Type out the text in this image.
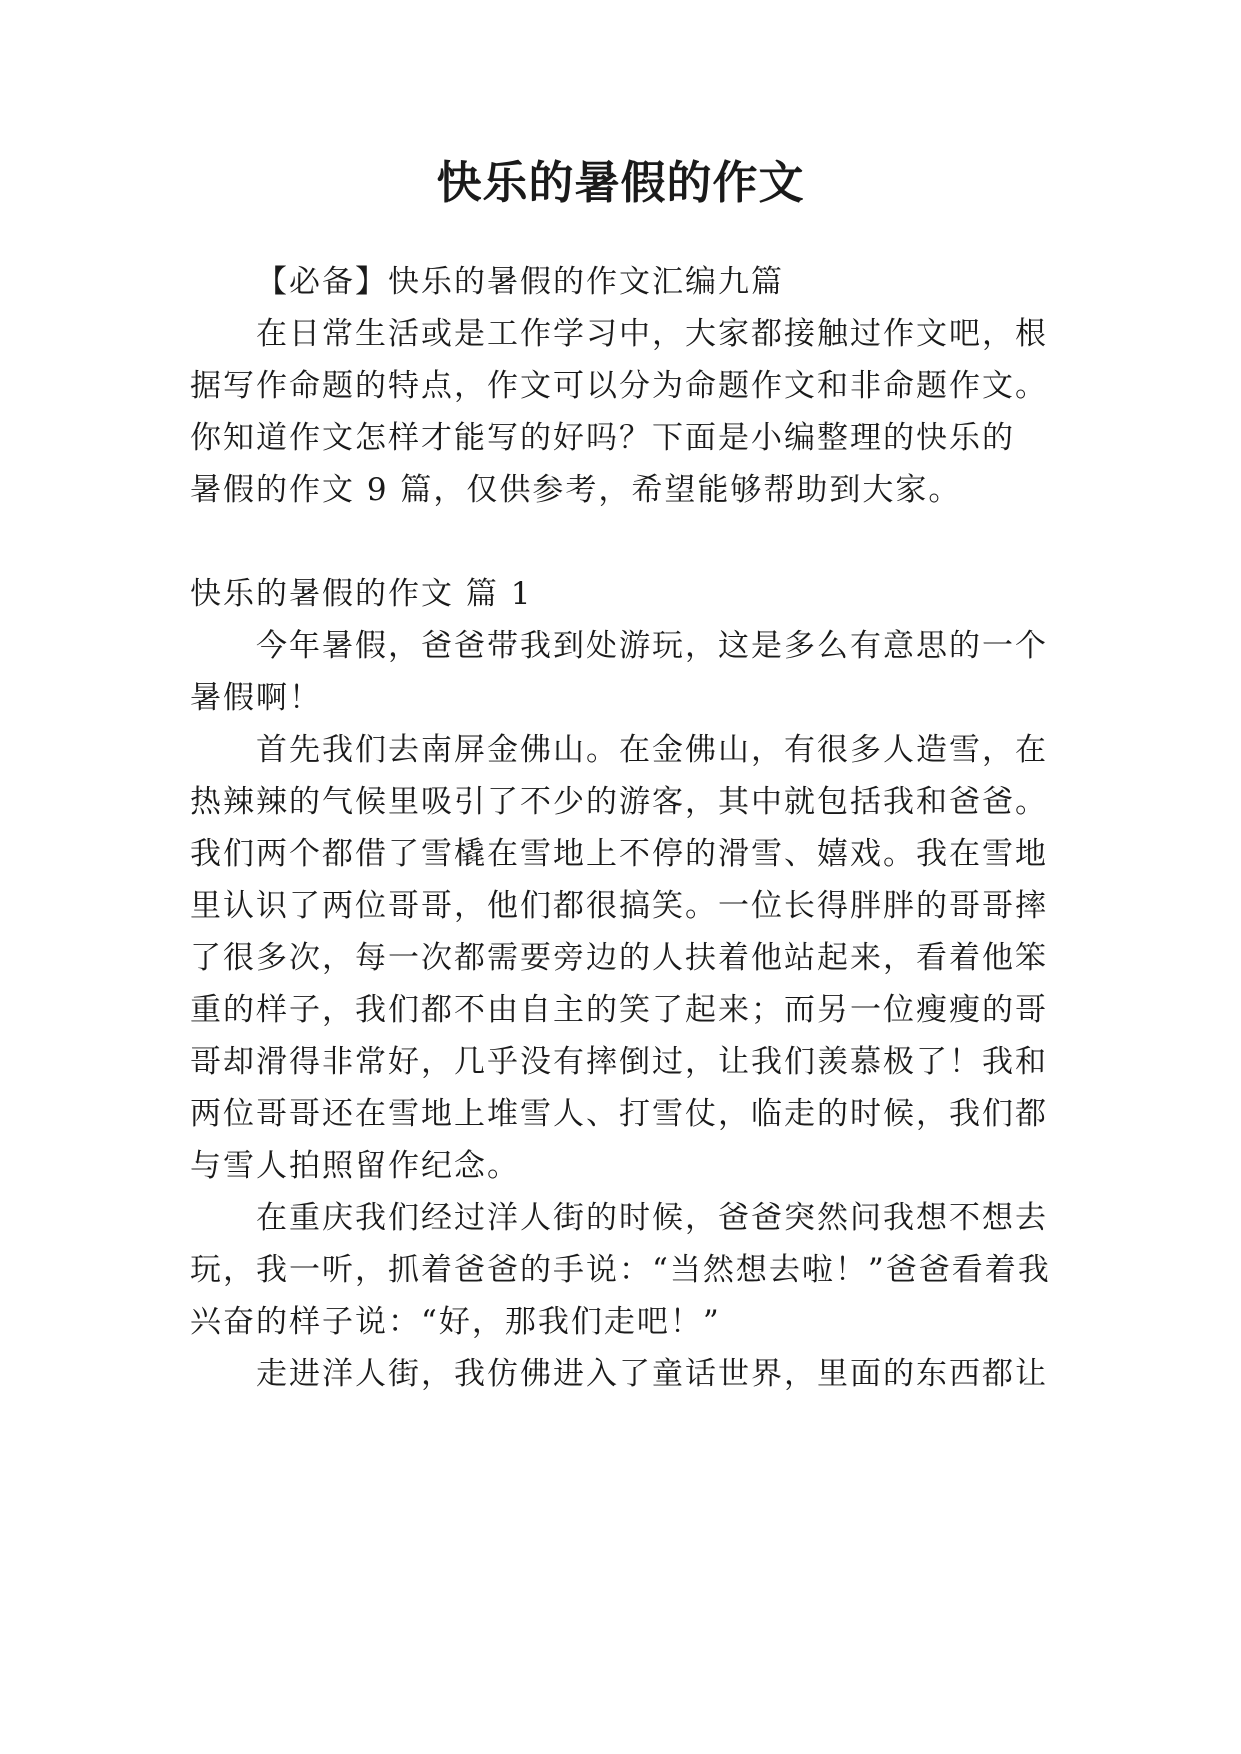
快乐的暑假的作文
【必备】快乐的暑假的作文汇编九篇
在日常生活或是工作学习中，大家都接触过作文吧，根
据写作命题的特点，作文可以分为命题作文和非命题作文。
你知道作文怎样才能写的好吗？下面是小编整理的快乐的
暑假的作文 9 篇，仅供参考，希望能够帮助到大家。
快乐的暑假的作文 篇 1
今年暑假，爸爸带我到处游玩，这是多么有意思的一个
暑假啊！
首先我们去南屏金佛山。在金佛山，有很多人造雪，在
热辣辣的气候里吸引了不少的游客，其中就包括我和爸爸。
我们两个都借了雪橇在雪地上不停的滑雪、嬉戏。我在雪地
里认识了两位哥哥，他们都很搞笑。一位长得胖胖的哥哥摔
了很多次，每一次都需要旁边的人扶着他站起来，看着他笨
重的样子，我们都不由自主的笑了起来；而另一位瘦瘦的哥
哥却滑得非常好，几乎没有摔倒过，让我们羡慕极了！我和
两位哥哥还在雪地上堆雪人、打雪仗，临走的时候，我们都
与雪人拍照留作纪念。
在重庆我们经过洋人街的时候，爸爸突然问我想不想去
玩，我一听，抓着爸爸的手说：“当然想去啦！”爸爸看着我
兴奋的样子说：“好，那我们走吧！”
走进洋人街，我仿佛进入了童话世界，里面的东西都让
